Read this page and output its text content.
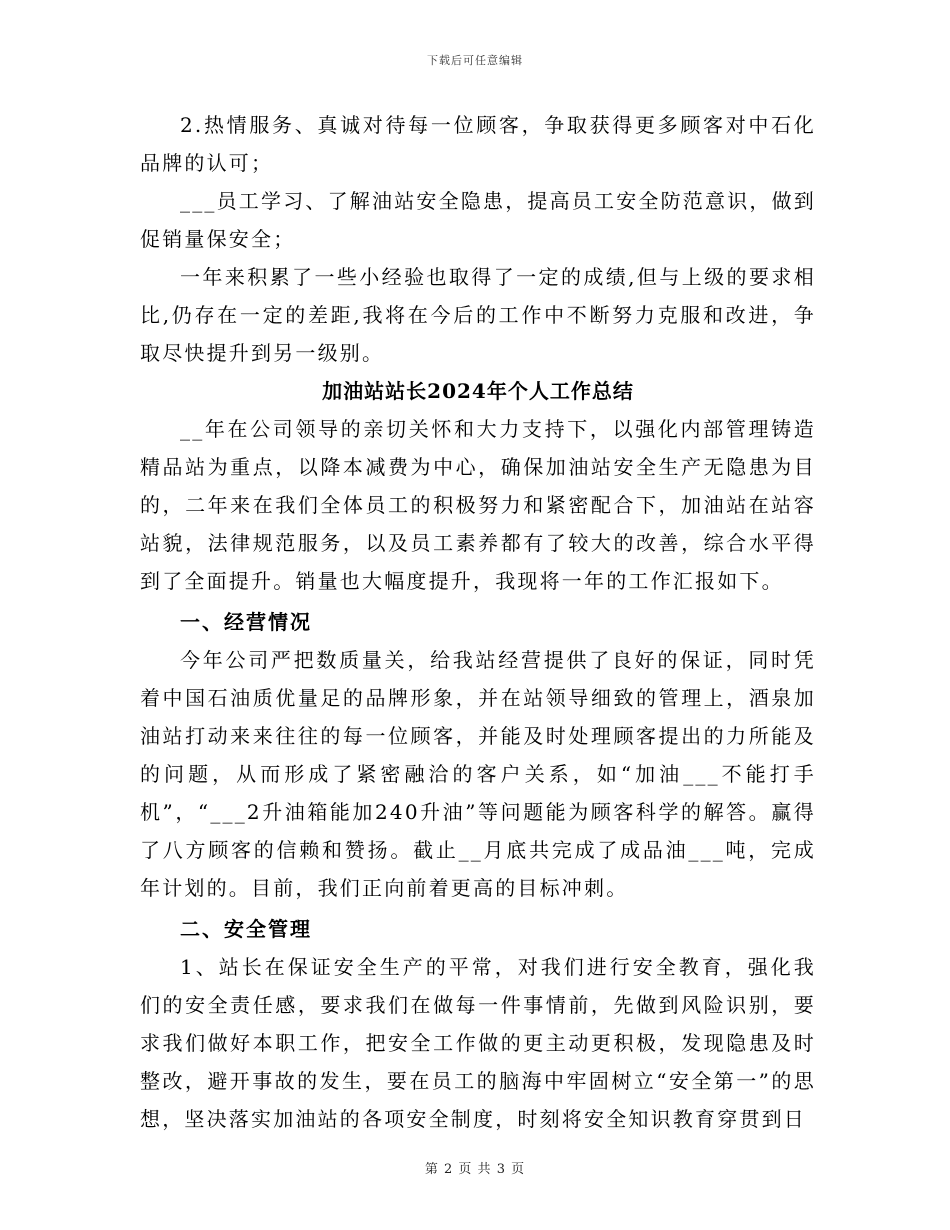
下载后可任意编辑

2.热情服务、真诚对待每一位顾客，争取获得更多顾客对中石化品牌的认可；

___员工学习、了解油站安全隐患，提高员工安全防范意识，做到促销量保安全；

一年来积累了一些小经验也取得了一定的成绩,但与上级的要求相比,仍存在一定的差距,我将在今后的工作中不断努力克服和改进，争取尽快提升到另一级别。

加油站站长2024年个人工作总结

__年在公司领导的亲切关怀和大力支持下，以强化内部管理铸造精品站为重点，以降本减费为中心，确保加油站安全生产无隐患为目的，二年来在我们全体员工的积极努力和紧密配合下，加油站在站容站貌，法律规范服务，以及员工素养都有了较大的改善，综合水平得到了全面提升。销量也大幅度提升，我现将一年的工作汇报如下。

一、经营情况

今年公司严把数质量关，给我站经营提供了良好的保证，同时凭着中国石油质优量足的品牌形象，并在站领导细致的管理上，酒泉加油站打动来来往往的每一位顾客，并能及时处理顾客提出的力所能及的问题，从而形成了紧密融洽的客户关系，如“加油___不能打手机”，“___2升油箱能加240升油”等问题能为顾客科学的解答。赢得了八方顾客的信赖和赞扬。截止__月底共完成了成品油___吨，完成年计划的。目前，我们正向前着更高的目标冲刺。

二、安全管理

1、站长在保证安全生产的平常，对我们进行安全教育，强化我们的安全责任感，要求我们在做每一件事情前，先做到风险识别，要求我们做好本职工作，把安全工作做的更主动更积极，发现隐患及时整改，避开事故的发生，要在员工的脑海中牢固树立“安全第一”的思想，坚决落实加油站的各项安全制度，时刻将安全知识教育穿贯到日

第 2 页 共 3 页
